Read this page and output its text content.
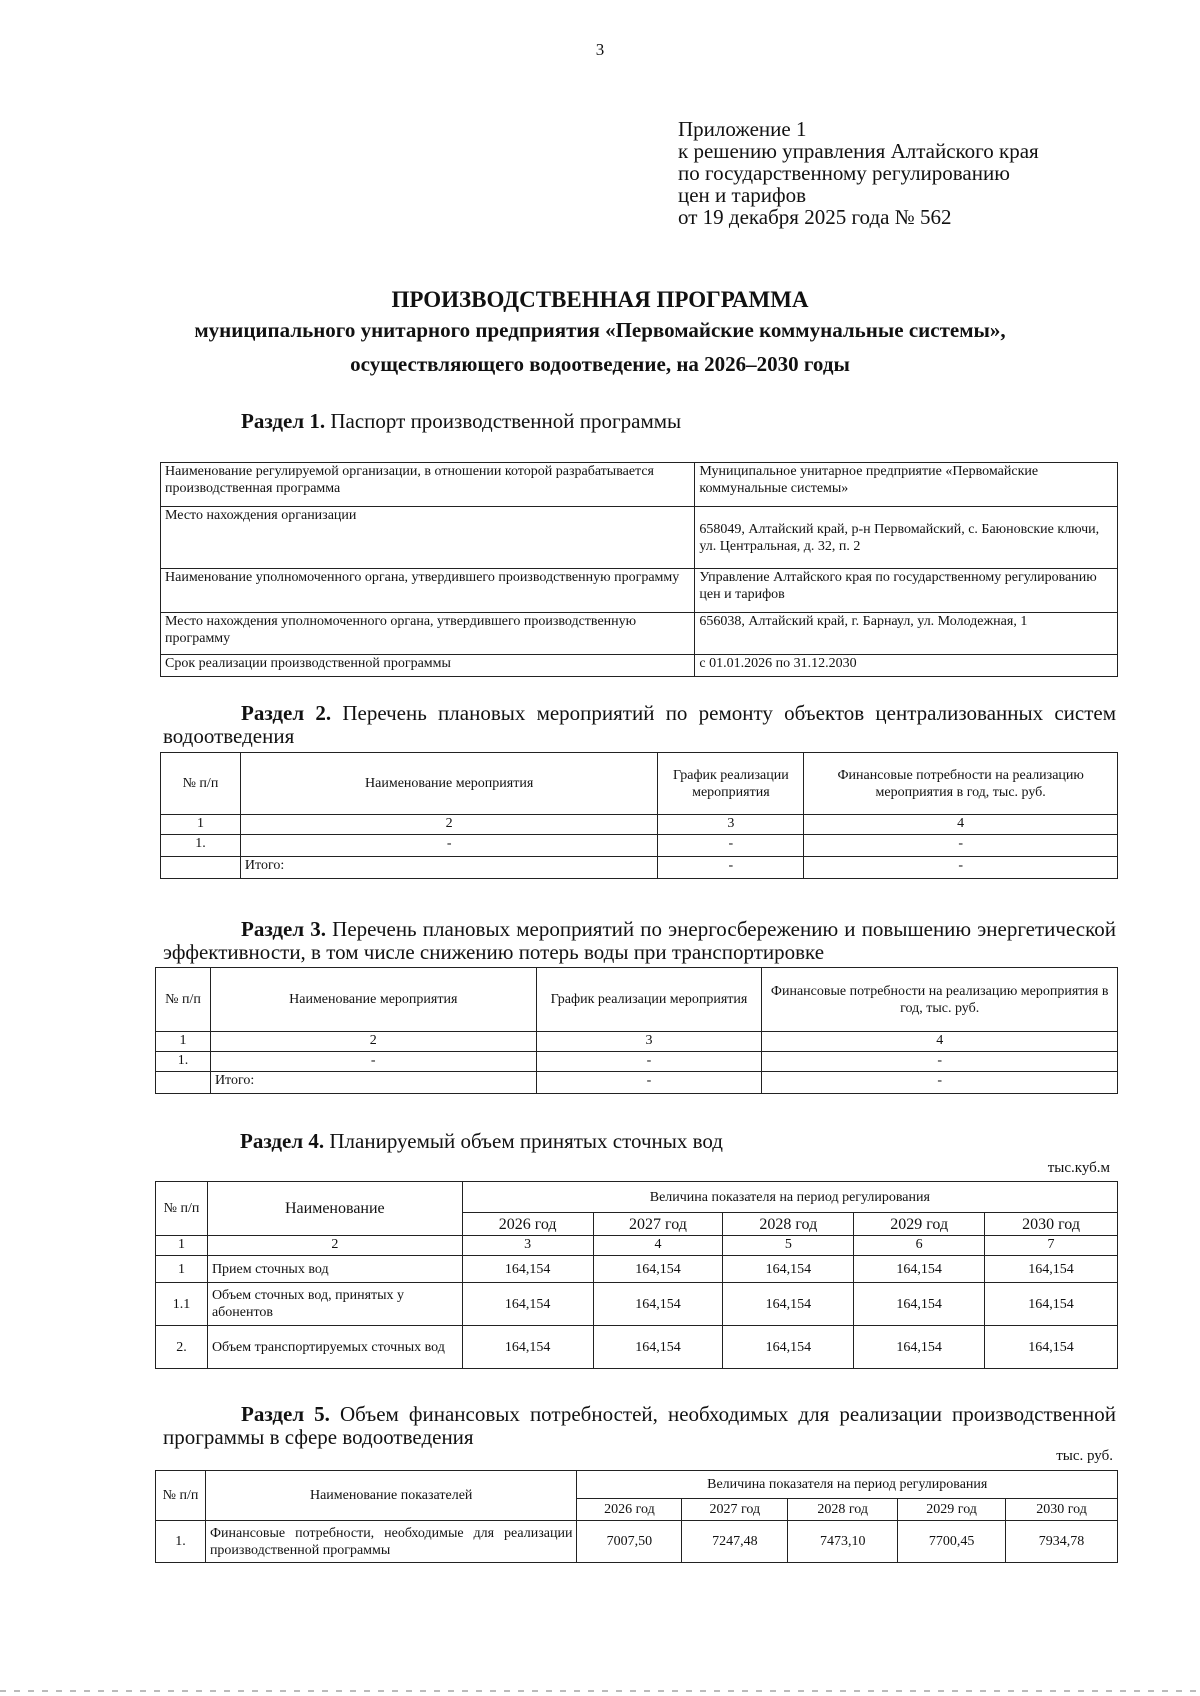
3
Приложение 1
к решению управления Алтайского края
по государственному регулированию
цен и тарифов
от 19 декабря 2025 года № 562
ПРОИЗВОДСТВЕННАЯ ПРОГРАММА
муниципального унитарного предприятия «Первомайские коммунальные системы»,
осуществляющего водоотведение, на 2026–2030 годы
Раздел 1. Паспорт производственной программы
Наименование регулируемой организации, в отношении которой разрабатывается производственная программа	Муниципальное унитарное предприятие «Первомайские коммунальные системы»
Место нахождения организации	658049, Алтайский край, р-н Первомайский, с. Баюновские ключи, ул. Центральная, д. 32, п. 2
Наименование уполномоченного органа, утвердившего производственную программу	Управление Алтайского края по государственному регулированию цен и тарифов
Место нахождения уполномоченного органа, утвердившего производственную программу	656038, Алтайский край, г. Барнаул, ул. Молодежная, 1
Срок реализации производственной программы	с 01.01.2026 по 31.12.2030
Раздел 2. Перечень плановых мероприятий по ремонту объектов централизованных систем водоотведения
№ п/п	Наименование мероприятия	График реализации мероприятия	Финансовые потребности на реализацию мероприятия в год, тыс. руб.
1	2	3	4
1.	-	-	-
	Итого:	-	-
Раздел 3. Перечень плановых мероприятий по энергосбережению и повышению энергетической эффективности, в том числе снижению потерь воды при транспортировке
№ п/п	Наименование мероприятия	График реализации мероприятия	Финансовые потребности на реализацию мероприятия в год, тыс. руб.
1	2	3	4
1.	-	-	-
	Итого:	-	-
Раздел 4. Планируемый объем принятых сточных вод
тыс.куб.м
№ п/п	Наименование	Величина показателя на период регулирования				
		2026 год	2027 год	2028 год	2029 год	2030 год
1	2	3	4	5	6	7
1	Прием сточных вод	164,154	164,154	164,154	164,154	164,154
1.1	Объем сточных вод, принятых у абонентов	164,154	164,154	164,154	164,154	164,154
2.	Объем транспортируемых сточных вод	164,154	164,154	164,154	164,154	164,154
Раздел 5. Объем финансовых потребностей, необходимых для реализации производственной программы в сфере водоотведения
тыс. руб.
№ п/п	Наименование показателей	Величина показателя на период регулирования				
		2026 год	2027 год	2028 год	2029 год	2030 год
1.	Финансовые потребности, необходимые для реализации производственной программы	7007,50	7247,48	7473,10	7700,45	7934,78
